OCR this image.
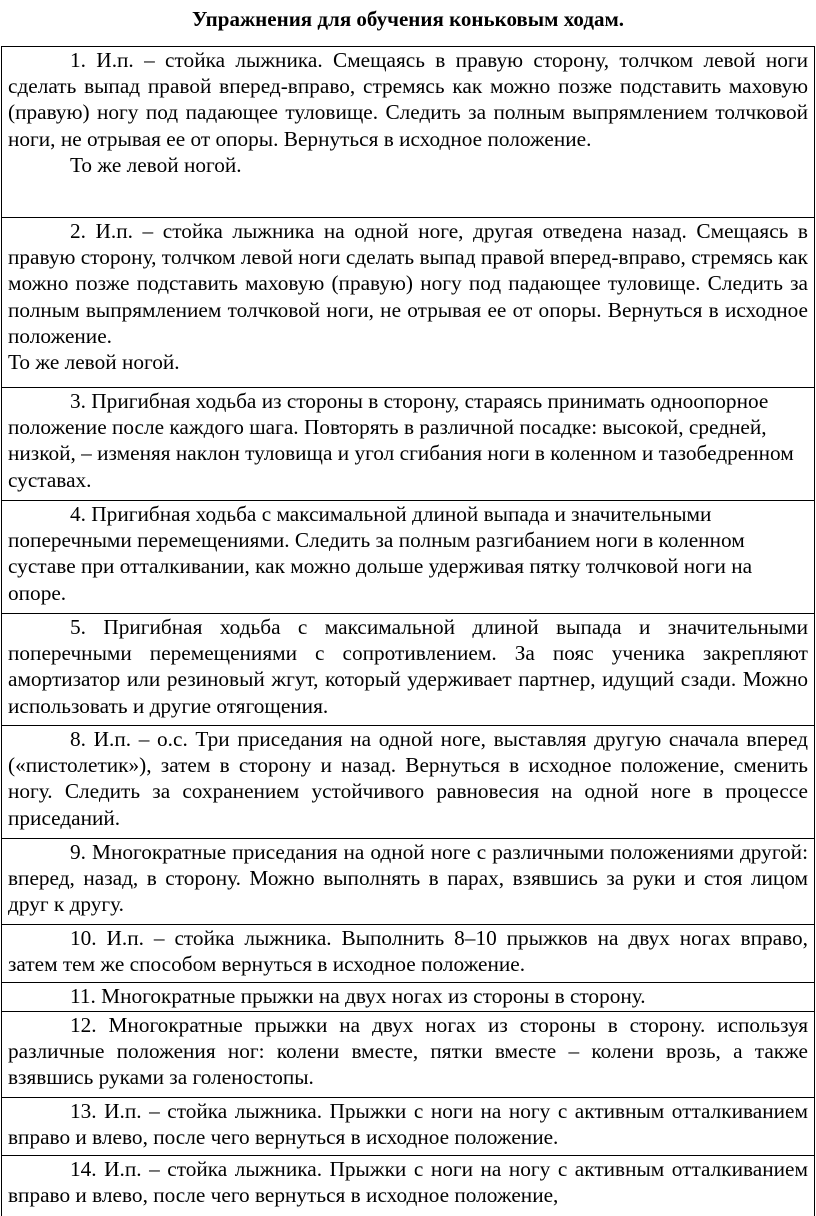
Упражнения для обучения коньковым ходам.

1. И.п. – стойка лыжника. Смещаясь в правую сторону, толчком левой ноги сделать выпад правой вперед-вправо, стремясь как можно позже подставить маховую (правую) ногу под падающее туловище. Следить за полным выпрямлением толчковой ноги, не отрывая ее от опоры. Вернуться в исходное положение.

То же левой ногой.

2. И.п. – стойка лыжника на одной ноге, другая отведена назад. Смещаясь в правую сторону, толчком левой ноги сделать выпад правой вперед-вправо, стремясь как можно позже подставить маховую (правую) ногу под падающее туловище. Следить за полным выпрямлением толчковой ноги, не отрывая ее от опоры. Вернуться в исходное положение.

То же левой ногой.

3. Пригибная ходьба из стороны в сторону, стараясь принимать одноопорное положение после каждого шага. Повторять в различной посадке: высокой, средней, низкой, – изменяя наклон туловища и угол сгибания ноги в коленном и тазобедренном суставах.

4. Пригибная ходьба с максимальной длиной выпада и значительными поперечными перемещениями. Следить за полным разгибанием ноги в коленном суставе при отталкивании, как можно дольше удерживая пятку толчковой ноги на опоре.

5. Пригибная ходьба с максимальной длиной выпада и значительными поперечными перемещениями с сопротивлением. За пояс ученика закрепляют амортизатор или резиновый жгут, который удерживает партнер, идущий сзади. Можно использовать и другие отягощения.

8. И.п. – о.с. Три приседания на одной ноге, выставляя другую сначала вперед («пистолетик»), затем в сторону и назад. Вернуться в исходное положение, сменить ногу. Следить за сохранением устойчивого равновесия на одной ноге в процессе приседаний.

9. Многократные приседания на одной ноге с различными положениями другой: вперед, назад, в сторону. Можно выполнять в парах, взявшись за руки и стоя лицом друг к другу.

10. И.п. – стойка лыжника. Выполнить 8–10 прыжков на двух ногах вправо, затем тем же способом вернуться в исходное положение.

11. Многократные прыжки на двух ногах из стороны в сторону.

12. Многократные прыжки на двух ногах из стороны в сторону. используя различные положения ног: колени вместе, пятки вместе – колени врозь, а также взявшись руками за голеностопы.

13. И.п. – стойка лыжника. Прыжки с ноги на ногу с активным отталкиванием вправо и влево, после чего вернуться в исходное положение.

14. И.п. – стойка лыжника. Прыжки с ноги на ногу с активным отталкиванием вправо и влево, после чего вернуться в исходное положение,
